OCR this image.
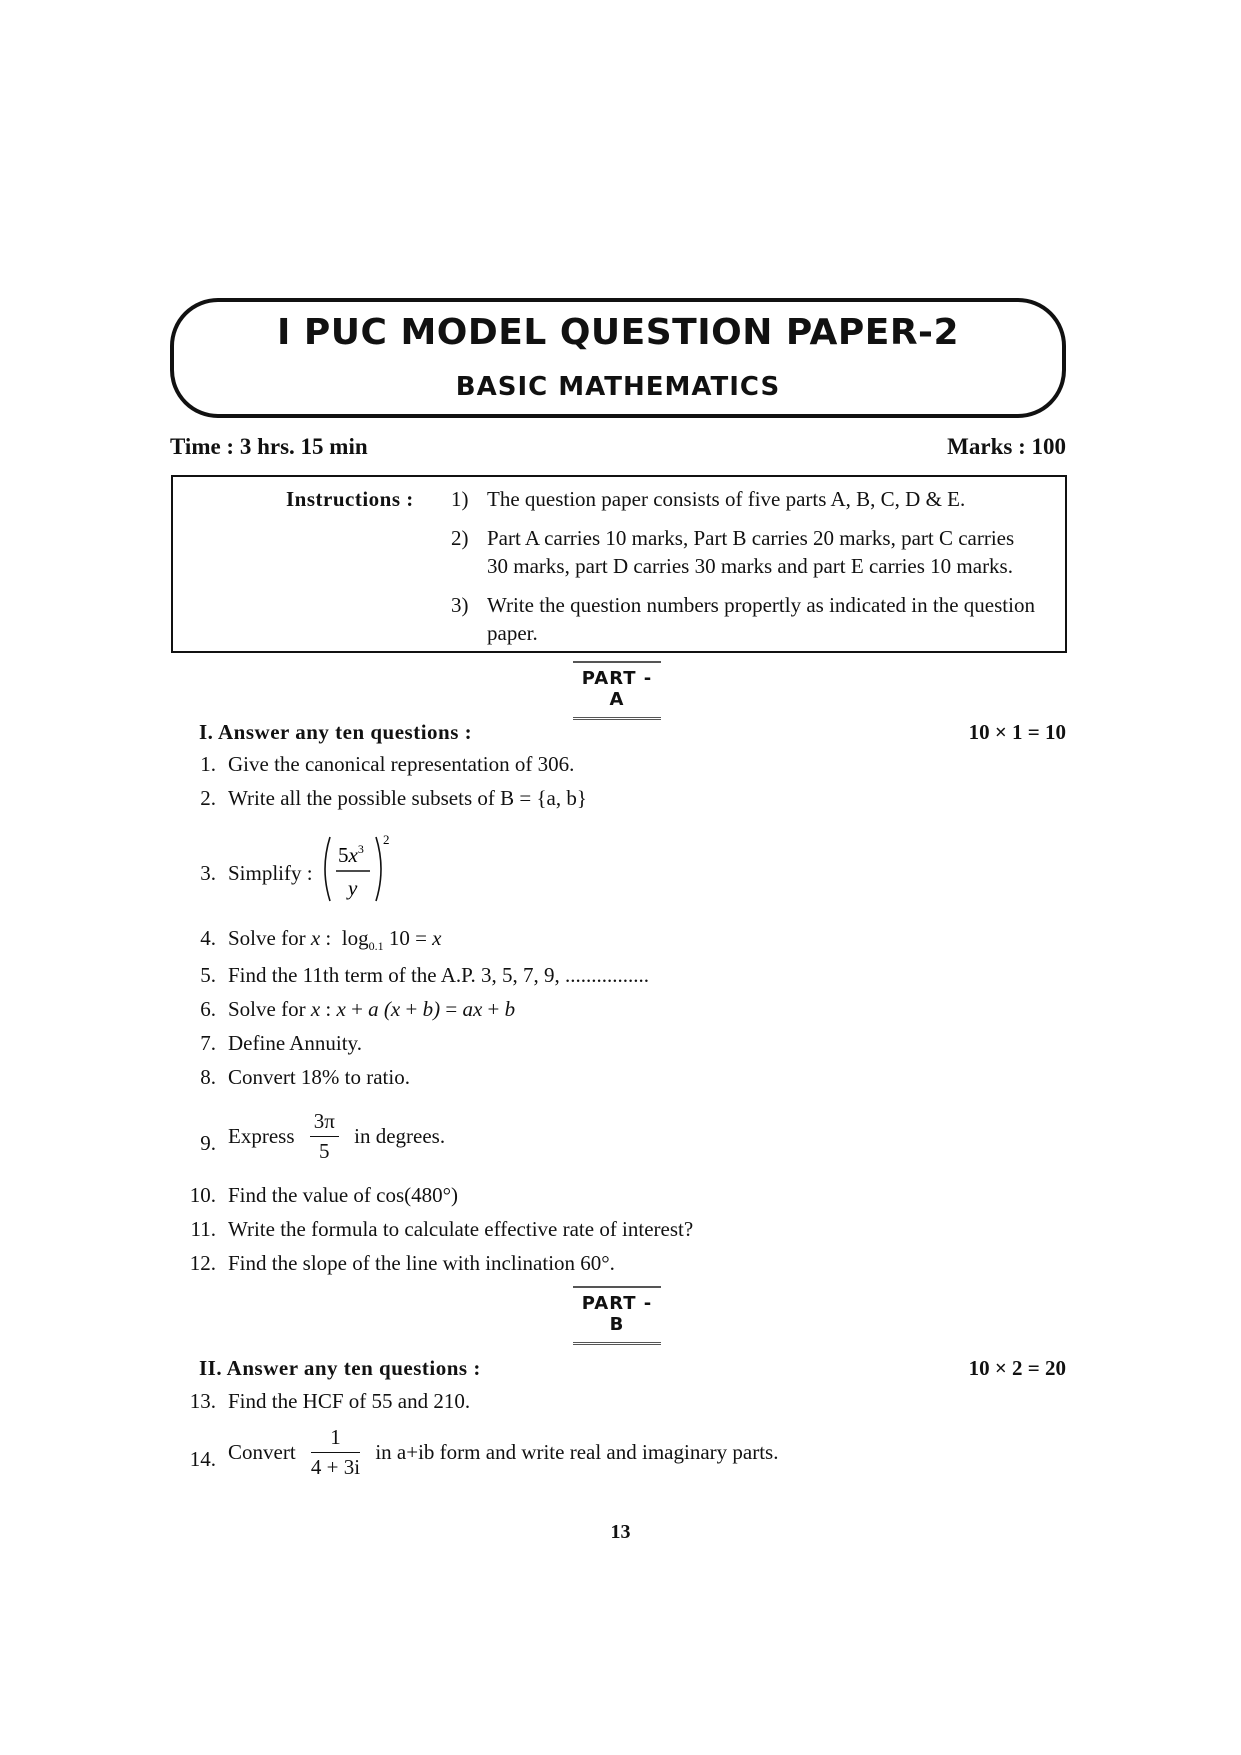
I PUC MODEL QUESTION PAPER-2
BASIC MATHEMATICS
Time : 3 hrs. 15 min	Marks : 100
Instructions : 1) The question paper consists of five parts A, B, C, D & E.
2) Part A carries 10 marks, Part B carries 20 marks, part C carries
30 marks, part D carries 30 marks and part E carries 10 marks.
3) Write the question numbers propertly as indicated in the question
paper.
PART - A
I. Answer any ten questions :	10 × 1 = 10
1. Give the canonical representation of 306.
2. Write all the possible subsets of B = {a, b}
3. Simplify :
$5x^3$
y
2
4. Solve for x :  $\log_{0.1} 10 = x$
5. Find the 11th term of the A.P. 3, 5, 7, 9, ................
6. Solve for x : x + a (x + b) = ax + b
7. Define Annuity.
8. Convert 18% to ratio.
9. Express $\frac{3\pi}{5}$ in degrees.
10. Find the value of cos(480°)
11. Write the formula to calculate effective rate of interest?
12. Find the slope of the line with inclination 60°.
PART - B
II. Answer any ten questions :	10 × 2 = 20
13. Find the HCF of 55 and 210.
14. Convert $\frac{1}{4 + 3i}$ in a+ib form and write real and imaginary parts.
13
